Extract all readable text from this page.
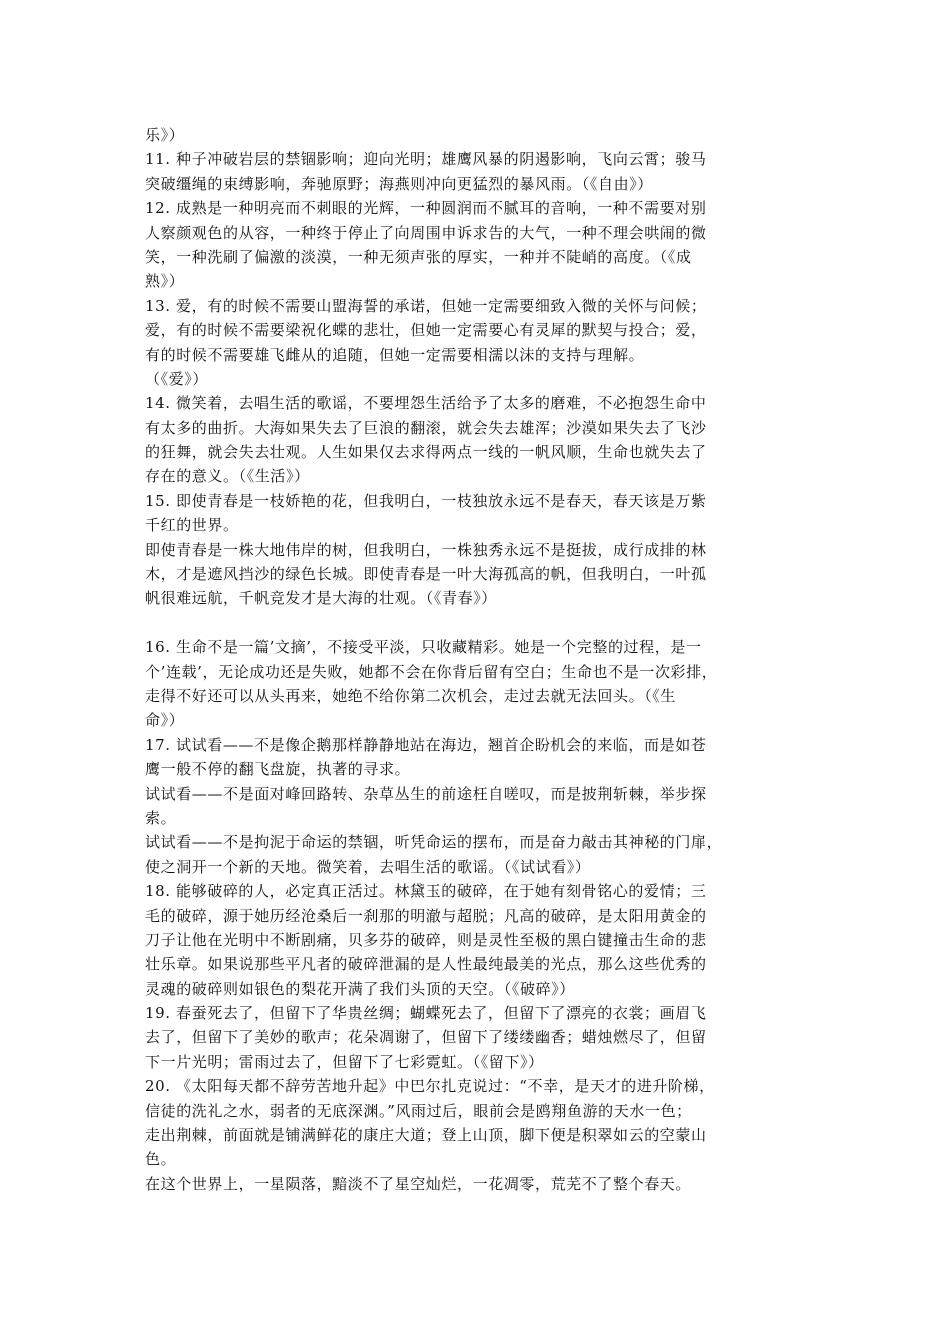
乐》）
11. 种子冲破岩层的禁锢影响；迎向光明；雄鹰风暴的阴遏影响，飞向云霄；骏马
突破缰绳的束缚影响，奔驰原野；海燕则冲向更猛烈的暴风雨。（《自由》）
12. 成熟是一种明亮而不刺眼的光辉，一种圆润而不腻耳的音响，一种不需要对别
人察颜观色的从容，一种终于停止了向周围申诉求告的大气，一种不理会哄闹的微
笑，一种洗刷了偏激的淡漠，一种无须声张的厚实，一种并不陡峭的高度。（《成
熟》）
13. 爱，有的时候不需要山盟海誓的承诺，但她一定需要细致入微的关怀与问候；
爱，有的时候不需要梁祝化蝶的悲壮，但她一定需要心有灵犀的默契与投合；爱，
有的时候不需要雄飞雌从的追随，但她一定需要相濡以沫的支持与理解。
（《爱》）
14. 微笑着，去唱生活的歌谣，不要埋怨生活给予了太多的磨难，不必抱怨生命中
有太多的曲折。大海如果失去了巨浪的翻滚，就会失去雄浑；沙漠如果失去了飞沙
的狂舞，就会失去壮观。人生如果仅去求得两点一线的一帆风顺，生命也就失去了
存在的意义。（《生活》）
15. 即使青春是一枝娇艳的花，但我明白，一枝独放永远不是春天，春天该是万紫
千红的世界。
即使青春是一株大地伟岸的树，但我明白，一株独秀永远不是挺拔，成行成排的林
木，才是遮风挡沙的绿色长城。即使青春是一叶大海孤高的帆，但我明白，一叶孤
帆很难远航，千帆竞发才是大海的壮观。（《青春》）
16. 生命不是一篇’文摘’，不接受平淡，只收藏精彩。她是一个完整的过程，是一
个’连载’，无论成功还是失败，她都不会在你背后留有空白；生命也不是一次彩排，
走得不好还可以从头再来，她绝不给你第二次机会，走过去就无法回头。（《生
命》）
17. 试试看——不是像企鹅那样静静地站在海边，翘首企盼机会的来临，而是如苍
鹰一般不停的翻飞盘旋，执著的寻求。
试试看——不是面对峰回路转、杂草丛生的前途枉自嗟叹，而是披荆斩棘，举步探
索。
试试看——不是拘泥于命运的禁锢，听凭命运的摆布，而是奋力敲击其神秘的门扉，
使之洞开一个新的天地。微笑着，去唱生活的歌谣。（《试试看》）
18. 能够破碎的人，必定真正活过。林黛玉的破碎，在于她有刻骨铭心的爱情；三
毛的破碎，源于她历经沧桑后一刹那的明澈与超脱；凡高的破碎，是太阳用黄金的
刀子让他在光明中不断剧痛，贝多芬的破碎，则是灵性至极的黑白键撞击生命的悲
壮乐章。如果说那些平凡者的破碎泄漏的是人性最纯最美的光点，那么这些优秀的
灵魂的破碎则如银色的梨花开满了我们头顶的天空。（《破碎》）
19. 春蚕死去了，但留下了华贵丝绸；蝴蝶死去了，但留下了漂亮的衣裳；画眉飞
去了，但留下了美妙的歌声；花朵凋谢了，但留下了缕缕幽香；蜡烛燃尽了，但留
下一片光明；雷雨过去了，但留下了七彩霓虹。（《留下》）
20. 《太阳每天都不辞劳苦地升起》中巴尔扎克说过：“不幸，是天才的进升阶梯，
信徒的洗礼之水，弱者的无底深渊。”风雨过后，眼前会是鸥翔鱼游的天水一色；
走出荆棘，前面就是铺满鲜花的康庄大道；登上山顶，脚下便是积翠如云的空蒙山
色。
在这个世界上，一星陨落，黯淡不了星空灿烂，一花凋零，荒芜不了整个春天。
